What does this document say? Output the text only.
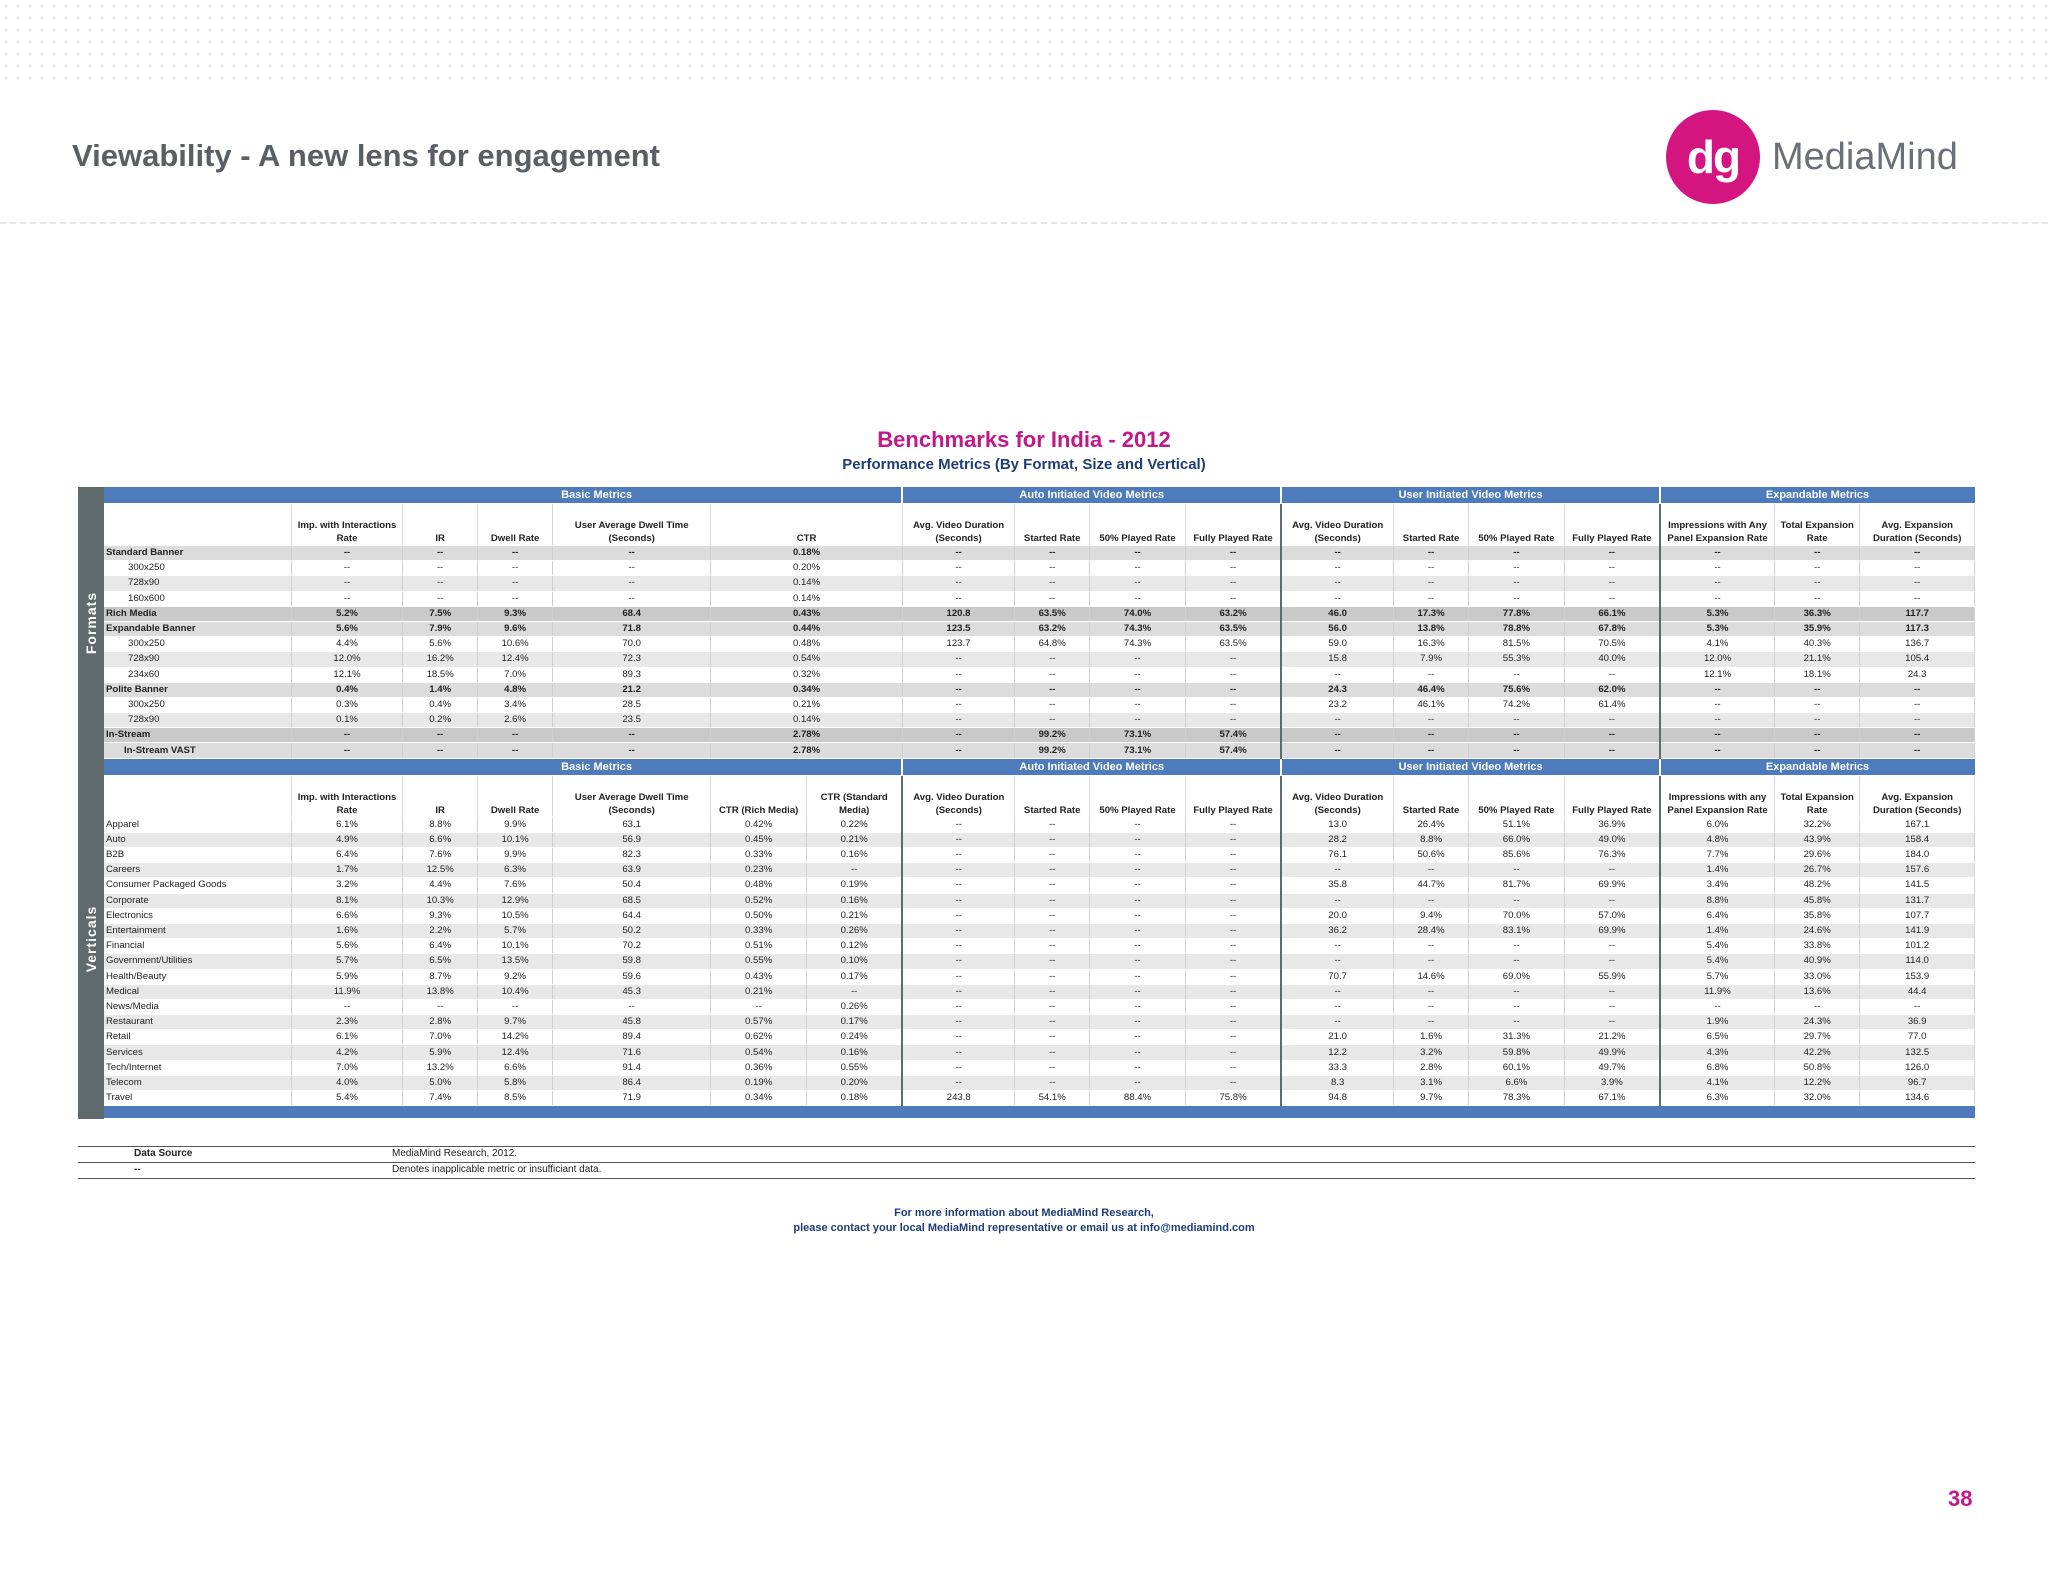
Viewability - A new lens for engagement	dg MediaMind
Benchmarks for India - 2012
Performance Metrics (By Format, Size and Vertical)
Formats
Verticals
	Basic Metrics						Auto Initiated Video Metrics				User Initiated Video Metrics				Expandable Metrics		
	Imp. with Interactions Rate	IR	Dwell Rate	User Average Dwell Time (Seconds)	CTR		Avg. Video Duration (Seconds)	Started Rate	50% Played Rate	Fully Played Rate	Avg. Video Duration (Seconds)	Started Rate	50% Played Rate	Fully Played Rate	Impressions with Any Panel Expansion Rate	Total Expansion Rate	Avg. Expansion Duration (Seconds)
Standard Banner	--	--	--	--	0.18%		--	--	--	--	--	--	--	--	--	--	--
300x250	--	--	--	--	0.20%		--	--	--	--	--	--	--	--	--	--	--
728x90	--	--	--	--	0.14%		--	--	--	--	--	--	--	--	--	--	--
160x600	--	--	--	--	0.14%		--	--	--	--	--	--	--	--	--	--	--
Rich Media	5.2%	7.5%	9.3%	68.4	0.43%		120.8	63.5%	74.0%	63.2%	46.0	17.3%	77.8%	66.1%	5.3%	36.3%	117.7
Expandable Banner	5.6%	7.9%	9.6%	71.8	0.44%		123.5	63.2%	74.3%	63.5%	56.0	13.8%	78.8%	67.8%	5.3%	35.9%	117.3
300x250	4.4%	5.6%	10.6%	70.0	0.48%		123.7	64.8%	74.3%	63.5%	59.0	16.3%	81.5%	70.5%	4.1%	40.3%	136.7
728x90	12.0%	16.2%	12.4%	72.3	0.54%		--	--	--	--	15.8	7.9%	55.3%	40.0%	12.0%	21.1%	105.4
234x60	12.1%	18.5%	7.0%	89.3	0.32%		--	--	--	--	--	--	--	--	12.1%	18.1%	24.3
Polite Banner	0.4%	1.4%	4.8%	21.2	0.34%		--	--	--	--	24.3	46.4%	75.6%	62.0%	--	--	--
300x250	0.3%	0.4%	3.4%	28.5	0.21%		--	--	--	--	23.2	46.1%	74.2%	61.4%	--	--	--
728x90	0.1%	0.2%	2.6%	23.5	0.14%		--	--	--	--	--	--	--	--	--	--	--
In-Stream	--	--	--	--	2.78%		--	99.2%	73.1%	57.4%	--	--	--	--	--	--	--
In-Stream VAST	--	--	--	--	2.78%		--	99.2%	73.1%	57.4%	--	--	--	--	--	--	--
	Basic Metrics						Auto Initiated Video Metrics				User Initiated Video Metrics				Expandable Metrics		
	Imp. with Interactions Rate	IR	Dwell Rate	User Average Dwell Time (Seconds)	CTR (Rich Media)	CTR (Standard Media)	Avg. Video Duration (Seconds)	Started Rate	50% Played Rate	Fully Played Rate	Avg. Video Duration (Seconds)	Started Rate	50% Played Rate	Fully Played Rate	Impressions with any Panel Expansion Rate	Total Expansion Rate	Avg. Expansion Duration (Seconds)
Apparel	6.1%	8.8%	9.9%	63.1	0.42%	0.22%	--	--	--	--	13.0	26.4%	51.1%	36.9%	6.0%	32.2%	167.1
Auto	4.9%	6.6%	10.1%	56.9	0.45%	0.21%	--	--	--	--	28.2	8.8%	66.0%	49.0%	4.8%	43.9%	158.4
B2B	6.4%	7.6%	9.9%	82.3	0.33%	0.16%	--	--	--	--	76.1	50.6%	85.6%	76.3%	7.7%	29.6%	184.0
Careers	1.7%	12.5%	6.3%	63.9	0.23%	--	--	--	--	--	--	--	--	--	1.4%	26.7%	157.6
Consumer Packaged Goods	3.2%	4.4%	7.6%	50.4	0.48%	0.19%	--	--	--	--	35.8	44.7%	81.7%	69.9%	3.4%	48.2%	141.5
Corporate	8.1%	10.3%	12.9%	68.5	0.52%	0.16%	--	--	--	--	--	--	--	--	8.8%	45.8%	131.7
Electronics	6.6%	9.3%	10.5%	64.4	0.50%	0.21%	--	--	--	--	20.0	9.4%	70.0%	57.0%	6.4%	35.8%	107.7
Entertainment	1.6%	2.2%	5.7%	50.2	0.33%	0.26%	--	--	--	--	36.2	28.4%	83.1%	69.9%	1.4%	24.6%	141.9
Financial	5.6%	6.4%	10.1%	70.2	0.51%	0.12%	--	--	--	--	--	--	--	--	5.4%	33.8%	101.2
Government/Utilities	5.7%	6.5%	13.5%	59.8	0.55%	0.10%	--	--	--	--	--	--	--	--	5.4%	40.9%	114.0
Health/Beauty	5.9%	8.7%	9.2%	59.6	0.43%	0.17%	--	--	--	--	70.7	14.6%	69.0%	55.9%	5.7%	33.0%	153.9
Medical	11.9%	13.8%	10.4%	45.3	0.21%	--	--	--	--	--	--	--	--	--	11.9%	13.6%	44.4
News/Media	--	--	--	--	--	0.26%	--	--	--	--	--	--	--	--	--	--	--
Restaurant	2.3%	2.8%	9.7%	45.8	0.57%	0.17%	--	--	--	--	--	--	--	--	1.9%	24.3%	36.9
Retail	6.1%	7.0%	14.2%	89.4	0.62%	0.24%	--	--	--	--	21.0	1.6%	31.3%	21.2%	6.5%	29.7%	77.0
Services	4.2%	5.9%	12.4%	71.6	0.54%	0.16%	--	--	--	--	12.2	3.2%	59.8%	49.9%	4.3%	42.2%	132.5
Tech/Internet	7.0%	13.2%	6.6%	91.4	0.36%	0.55%	--	--	--	--	33.3	2.8%	60.1%	49.7%	6.8%	50.8%	126.0
Telecom	4.0%	5.0%	5.8%	86.4	0.19%	0.20%	--	--	--	--	8.3	3.1%	6.6%	3.9%	4.1%	12.2%	96.7
Travel	5.4%	7.4%	8.5%	71.9	0.34%	0.18%	243.8	54.1%	88.4%	75.8%	94.8	9.7%	78.3%	67.1%	6.3%	32.0%	134.6

Data Source	MediaMind Research, 2012.
--	Denotes inapplicable metric or insufficiant data.
For more information about MediaMind Research,
please contact your local MediaMind representative or email us at info@mediamind.com
38
